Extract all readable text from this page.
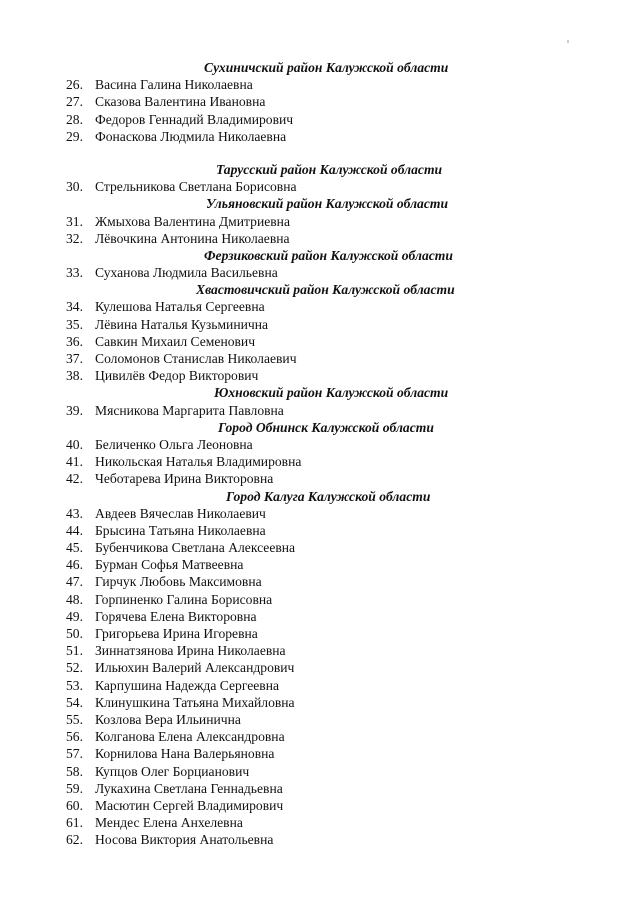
Сухиничский район Калужской области
26. Васина Галина Николаевна
27. Сказова Валентина Ивановна
28. Федоров Геннадий Владимирович
29. Фонаскова Людмила Николаевна
Тарусский район Калужской области
30. Стрельникова Светлана Борисовна
Ульяновский район Калужской области
31. Жмыхова Валентина Дмитриевна
32. Лёвочкина Антонина Николаевна
Ферзиковский район Калужской области
33. Суханова Людмила Васильевна
Хвастовичский район Калужской области
34. Кулешова Наталья Сергеевна
35. Лёвина Наталья Кузьминична
36. Савкин Михаил Семенович
37. Соломонов Станислав Николаевич
38. Цивилёв Федор Викторович
Юхновский район Калужской области
39. Мясникова Маргарита Павловна
Город Обнинск Калужской области
40. Беличенко Ольга Леоновна
41. Никольская Наталья Владимировна
42. Чеботарева Ирина Викторовна
Город Калуга Калужской области
43. Авдеев Вячеслав Николаевич
44. Брысина Татьяна Николаевна
45. Бубенчикова Светлана Алексеевна
46. Бурман Софья Матвеевна
47. Гирчук Любовь Максимовна
48. Горпиненко Галина Борисовна
49. Горячева Елена Викторовна
50. Григорьева Ирина Игоревна
51. Зиннатзянова Ирина Николаевна
52. Ильюхин Валерий Александрович
53. Карпушина Надежда Сергеевна
54. Клинушкина Татьяна Михайловна
55. Козлова Вера Ильинична
56. Колганова Елена Александровна
57. Корнилова Нана Валерьяновна
58. Купцов Олег Борцианович
59. Лукахина Светлана Геннадьевна
60. Масютин Сергей Владимирович
61. Мендес Елена Анхелевна
62. Носова Виктория Анатольевна
